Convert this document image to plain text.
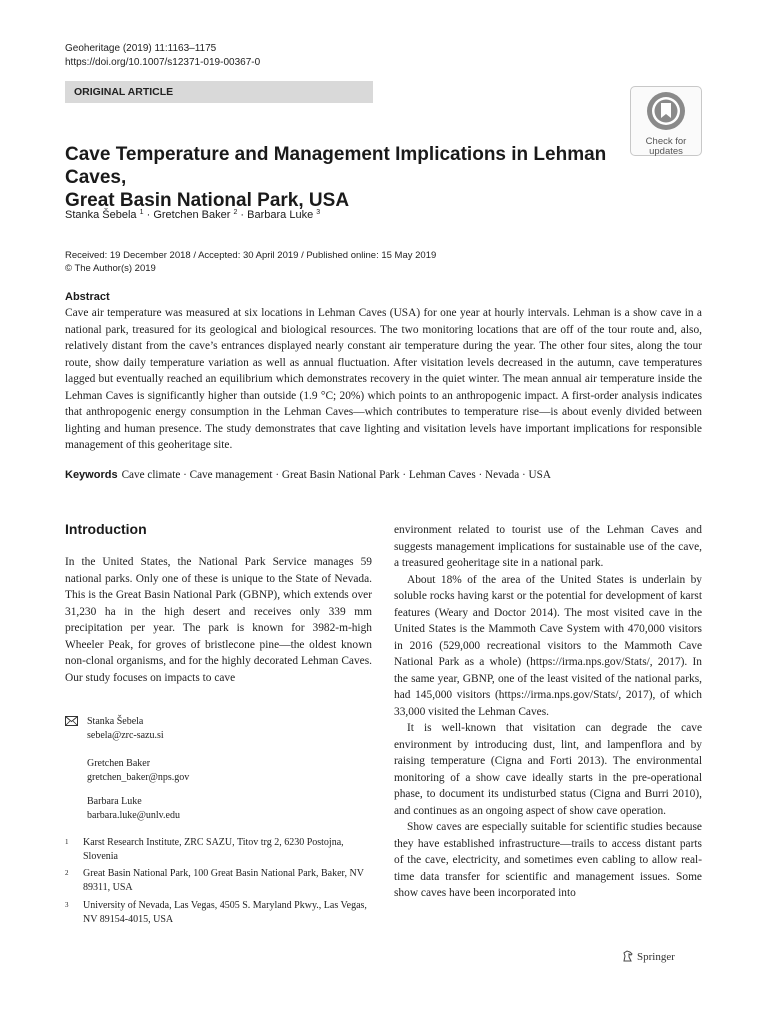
Geoheritage (2019) 11:1163–1175
https://doi.org/10.1007/s12371-019-00367-0
ORIGINAL ARTICLE
Check for
updates
Cave Temperature and Management Implications in Lehman Caves,
Great Basin National Park, USA
Stanka Šebela $^1$ · Gretchen Baker $^2$ · Barbara Luke $^3$
Received: 19 December 2018 / Accepted: 30 April 2019 / Published online: 15 May 2019
© The Author(s) 2019
Abstract
Cave air temperature was measured at six locations in Lehman Caves (USA) for one year at hourly intervals. Lehman is a show cave in a national park, treasured for its geological and biological resources. The two monitoring locations that are off of the tour route and, also, relatively distant from the cave’s entrances displayed nearly constant air temperature during the year. The other four sites, along the tour route, show daily temperature variation as well as annual fluctuation. After visitation levels decreased in the autumn, cave temperatures lagged but eventually reached an equilibrium which demonstrates recovery in the quiet winter. The mean annual air temperature inside the Lehman Caves is significantly higher than outside (1.9 °C; 20%) which points to an anthropogenic impact. A first-order analysis indicates that anthropogenic energy consumption in the Lehman Caves—which contributes to temperature rise—is about evenly divided between lighting and human presence. The study demonstrates that cave lighting and visitation levels have important implications for responsible management of this geoheritage site.
Keywords Cave climate · Cave management · Great Basin National Park · Lehman Caves · Nevada · USA
Introduction

In the United States, the National Park Service manages 59 national parks. Only one of these is unique to the State of Nevada. This is the Great Basin National Park (GBNP), which extends over 31,230 ha in the high desert and receives only 339 mm precipitation per year. The park is known for 3982-m-high Wheeler Peak, for groves of bristlecone pine—the oldest known non-clonal organisms, and for the highly decorated Lehman Caves. Our study focuses on impacts to cave

Stanka Šebela
sebela@zrc-sazu.si
Gretchen Baker
gretchen_baker@nps.gov
Barbara Luke
barbara.luke@unlv.edu
1	Karst Research Institute, ZRC SAZU, Titov trg 2, 6230 Postojna, Slovenia
2	Great Basin National Park, 100 Great Basin National Park, Baker, NV 89311, USA
3	University of Nevada, Las Vegas, 4505 S. Maryland Pkwy., Las Vegas, NV 89154-4015, USA

environment related to tourist use of the Lehman Caves and suggests management implications for sustainable use of the cave, a treasured geoheritage site in a national park.

About 18% of the area of the United States is underlain by soluble rocks having karst or the potential for development of karst features (Weary and Doctor 2014). The most visited cave in the United States is the Mammoth Cave System with 470,000 visitors in 2016 (529,000 recreational visitors to the Mammoth Cave National Park as a whole) (https://irma.nps.gov/Stats/, 2017). In the same year, GBNP, one of the least visited of the national parks, had 145,000 visitors (https://irma.nps.gov/Stats/, 2017), of which 33,000 visited the Lehman Caves.

It is well-known that visitation can degrade the cave environment by introducing dust, lint, and lampenflora and by raising temperature (Cigna and Forti 2013). The environmental monitoring of a show cave ideally starts in the pre-operational phase, to document its undisturbed status (Cigna and Burri 2010), and continues as an ongoing aspect of show cave operation.

Show caves are especially suitable for scientific studies because they have established infrastructure—trails to access distant parts of the cave, electricity, and sometimes even cabling to allow real-time data transfer for scientific and management issues. Some show caves have been incorporated into

Springer
